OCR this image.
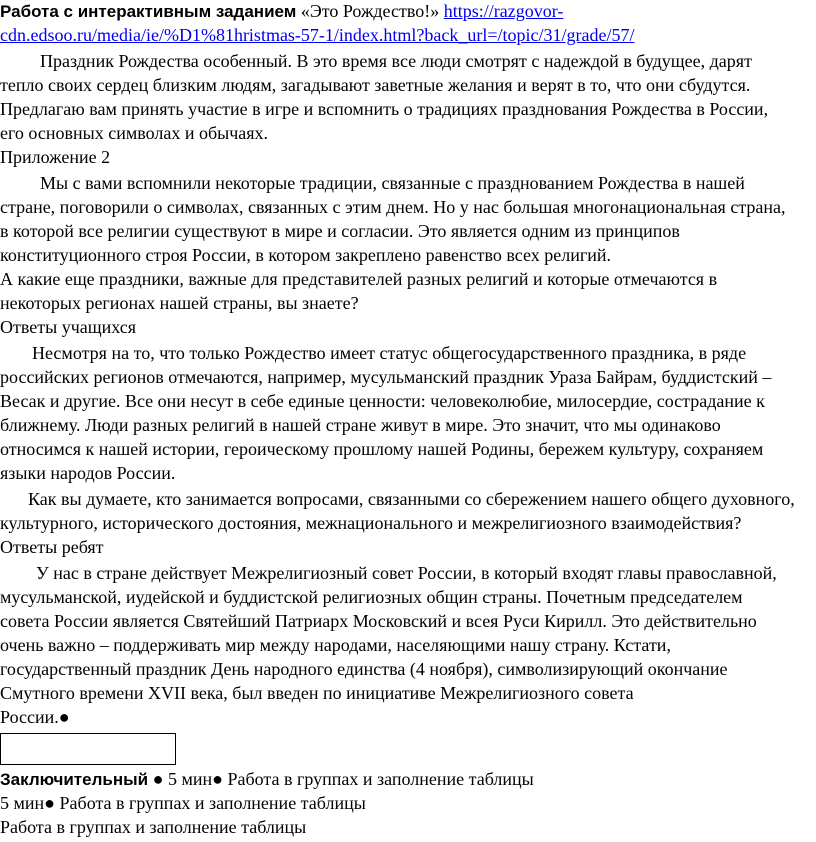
Работа с интерактивным заданием «Это Рождество!» https://razgovor-
cdn.edsoo.ru/media/ie/%D1%81hristmas-57-1/index.html?back_url=/topic/31/grade/57/
Праздник Рождества особенный. В это время все люди смотрят с надеждой в будущее, дарят
тепло своих сердец близким людям, загадывают заветные желания и верят в то, что они сбудутся.
Предлагаю вам принять участие в игре и вспомнить о традициях празднования Рождества в России,
его основных символах и обычаях.
Приложение 2
Мы с вами вспомнили некоторые традиции, связанные с празднованием Рождества в нашей
стране, поговорили о символах, связанных с этим днем. Но у нас большая многонациональная страна,
в которой все религии существуют в мире и согласии. Это является одним из принципов
конституционного строя России, в котором закреплено равенство всех религий.
А какие еще праздники, важные для представителей разных религий и которые отмечаются в
некоторых регионах нашей страны, вы знаете?
Ответы учащихся
Несмотря на то, что только Рождество имеет статус общегосударственного праздника, в ряде
российских регионов отмечаются, например, мусульманский праздник Ураза Байрам, буддистский –
Весак и другие. Все они несут в себе единые ценности: человеколюбие, милосердие, сострадание к
ближнему. Люди разных религий в нашей стране живут в мире. Это значит, что мы одинаково
относимся к нашей истории, героическому прошлому нашей Родины, бережем культуру, сохраняем
языки народов России.
Как вы думаете, кто занимается вопросами, связанными со сбережением нашего общего духовного,
культурного, исторического достояния, межнационального и межрелигиозного взаимодействия?
Ответы ребят
У нас в стране действует Межрелигиозный совет России, в который входят главы православной,
мусульманской, иудейской и буддистской религиозных общин страны. Почетным председателем
совета России является Святейший Патриарх Московский и всея Руси Кирилл. Это действительно
очень важно – поддерживать мир между народами, населяющими нашу страну. Кстати,
государственный праздник День народного единства (4 ноября), символизирующий окончание
Смутного времени XVII века, был введен по инициативе Межрелигиозного совета
России.●
Заключительный ● 5 мин● Работа в группах и заполнение таблицы
5 мин● Работа в группах и заполнение таблицы
Работа в группах и заполнение таблицы
